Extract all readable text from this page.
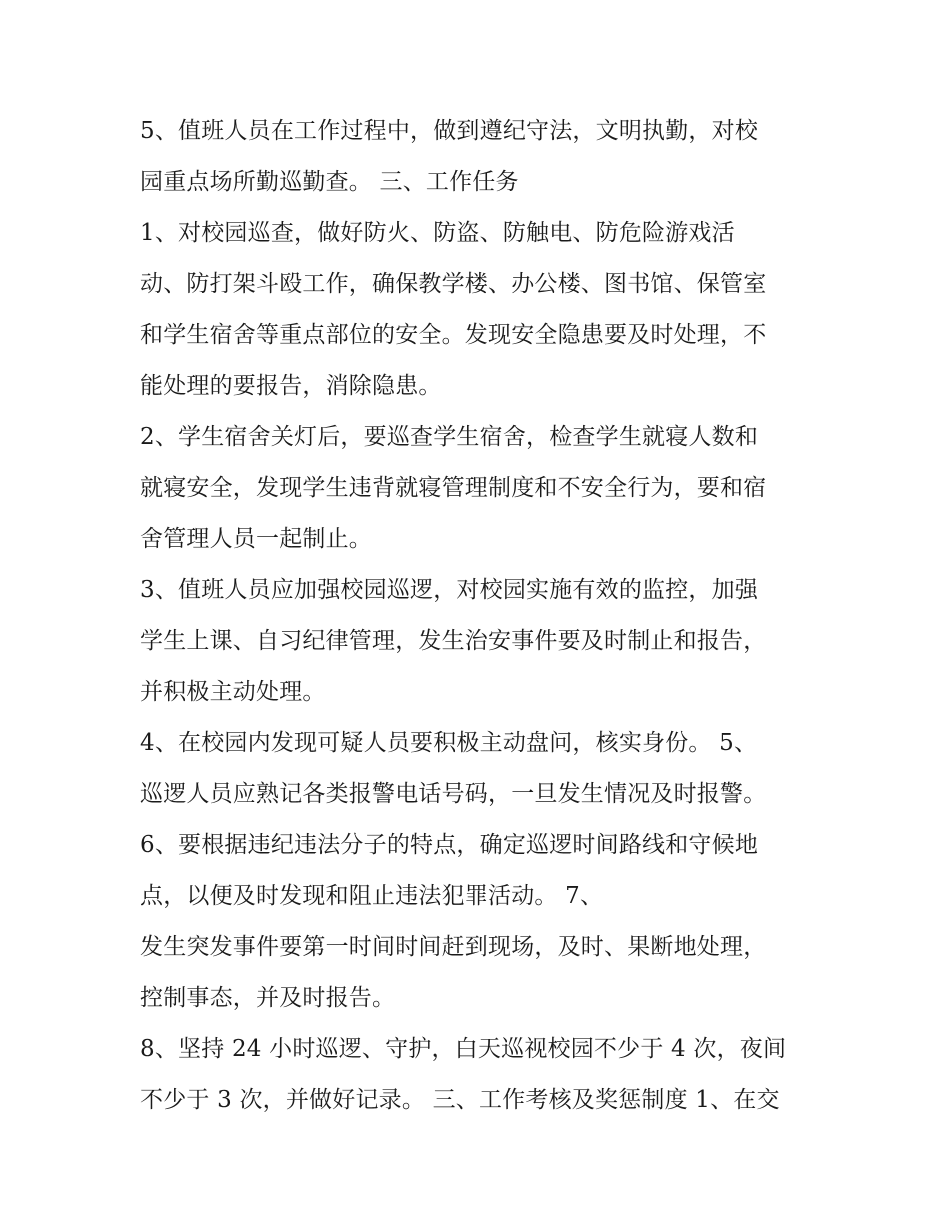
5、值班人员在工作过程中，做到遵纪守法，文明执勤，对校
园重点场所勤巡勤查。 三、工作任务
1、对校园巡查，做好防火、防盗、防触电、防危险游戏活
动、防打架斗殴工作，确保教学楼、办公楼、图书馆、保管室
和学生宿舍等重点部位的安全。发现安全隐患要及时处理，不
能处理的要报告，消除隐患。
2、学生宿舍关灯后，要巡查学生宿舍，检查学生就寝人数和
就寝安全，发现学生违背就寝管理制度和不安全行为，要和宿
舍管理人员一起制止。
3、值班人员应加强校园巡逻，对校园实施有效的监控，加强
学生上课、自习纪律管理，发生治安事件要及时制止和报告，
并积极主动处理。
4、在校园内发现可疑人员要积极主动盘问，核实身份。 5、
巡逻人员应熟记各类报警电话号码，一旦发生情况及时报警。
6、要根据违纪违法分子的特点，确定巡逻时间路线和守候地
点，以便及时发现和阻止违法犯罪活动。 7、
发生突发事件要第一时间时间赶到现场，及时、果断地处理，
控制事态，并及时报告。
8、坚持 24 小时巡逻、守护，白天巡视校园不少于 4 次，夜间
不少于 3 次，并做好记录。 三、工作考核及奖惩制度 1、在交
